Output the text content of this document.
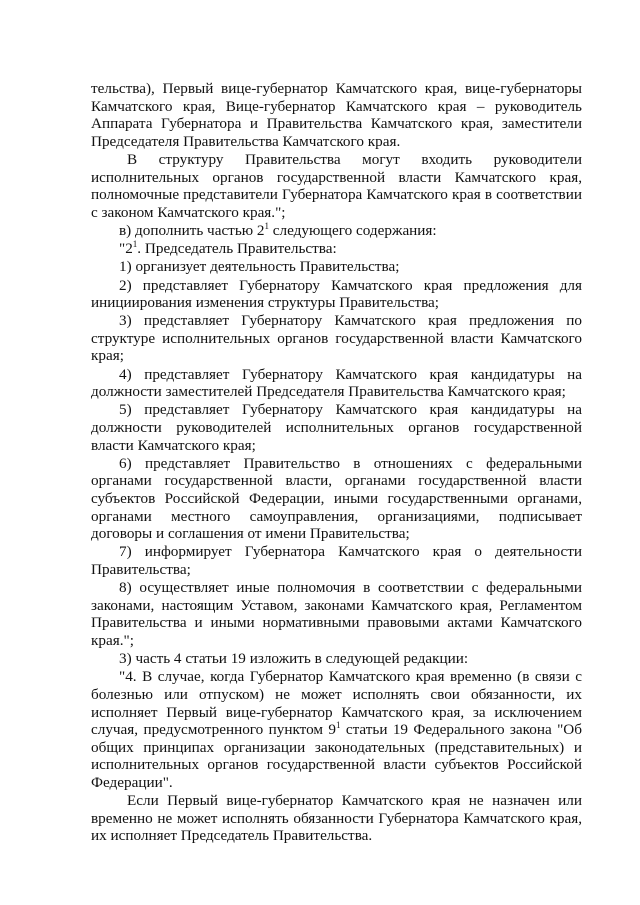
тельства), Первый вице-губернатор Камчатского края, вице-губернаторы Камчатского края, Вице-губернатор Камчатского края – руководитель Аппарата Губернатора и Правительства Камчатского края, заместители Председателя Правительства Камчатского края.

В структуру Правительства могут входить руководители исполнительных органов государственной власти Камчатского края, полномочные представители Губернатора Камчатского края в соответствии с законом Камчатского края.";

в) дополнить частью $2^1$ следующего содержания:

"$2^1$. Председатель Правительства:

1) организует деятельность Правительства;

2) представляет Губернатору Камчатского края предложения для инициирования изменения структуры Правительства;

3) представляет Губернатору Камчатского края предложения по структуре исполнительных органов государственной власти Камчатского края;

4) представляет Губернатору Камчатского края кандидатуры на должности заместителей Председателя Правительства Камчатского края;

5) представляет Губернатору Камчатского края кандидатуры на должности руководителей исполнительных органов государственной власти Камчатского края;

6) представляет Правительство в отношениях с федеральными органами государственной власти, органами государственной власти субъектов Российской Федерации, иными государственными органами, органами местного самоуправления, организациями, подписывает договоры и соглашения от имени Правительства;

7) информирует Губернатора Камчатского края о деятельности Правительства;

8) осуществляет иные полномочия в соответствии с федеральными законами, настоящим Уставом, законами Камчатского края, Регламентом Правительства и иными нормативными правовыми актами Камчатского края.";

3) часть 4 статьи 19 изложить в следующей редакции:

"4. В случае, когда Губернатор Камчатского края временно (в связи с болезнью или отпуском) не может исполнять свои обязанности, их исполняет Первый вице-губернатор Камчатского края, за исключением случая, предусмотренного пунктом $9^1$ статьи 19 Федерального закона "Об общих принципах организации законодательных (представительных) и исполнительных органов государственной власти субъектов Российской Федерации".

Если Первый вице-губернатор Камчатского края не назначен или временно не может исполнять обязанности Губернатора Камчатского края, их исполняет Председатель Правительства.
